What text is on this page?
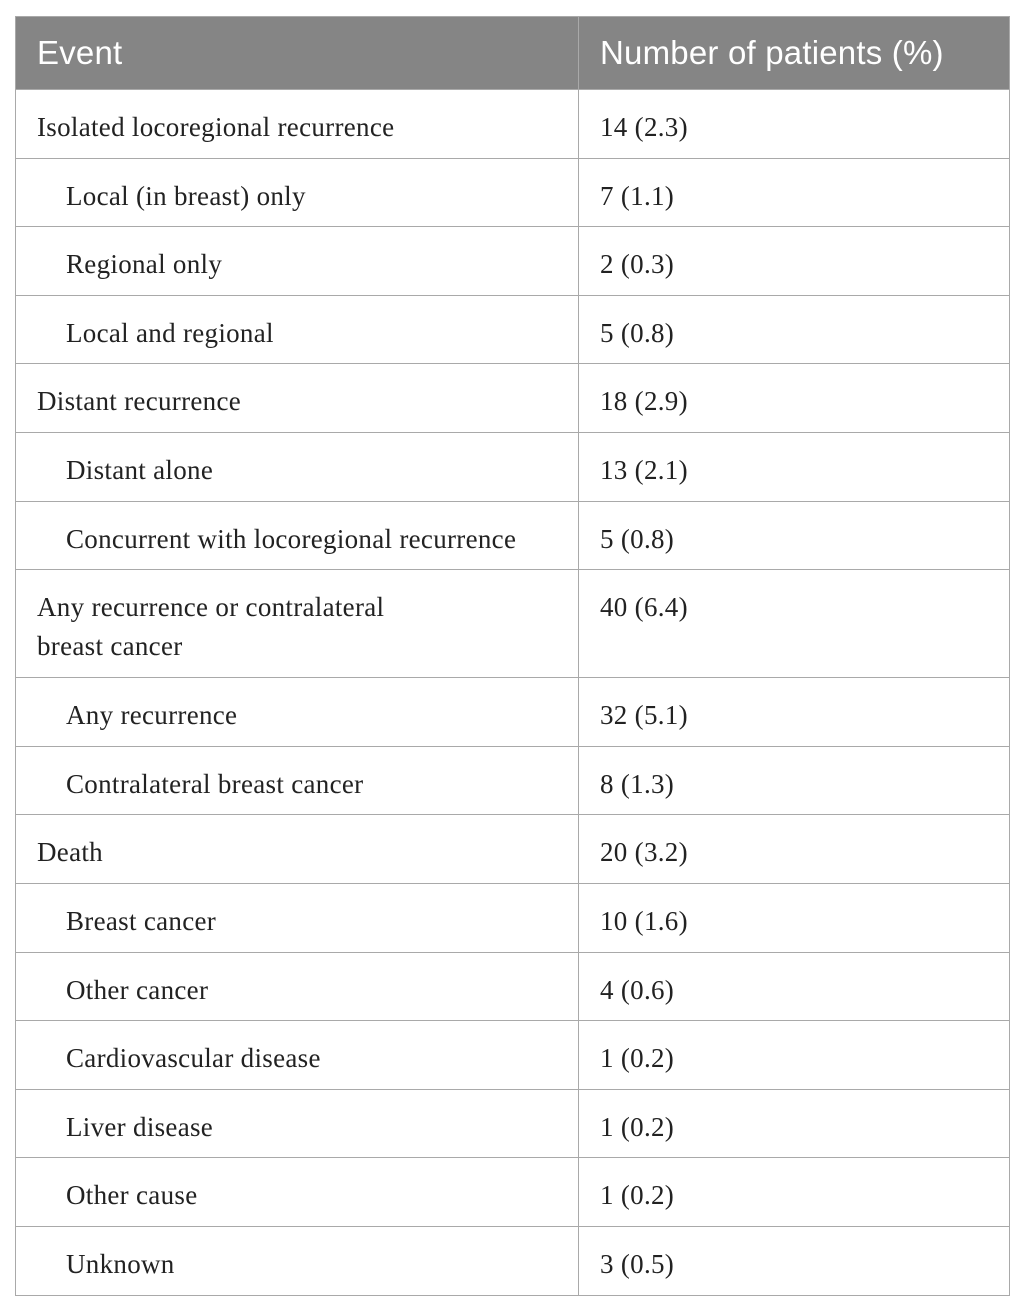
Event	Number of patients (%)
Isolated locoregional recurrence	14 (2.3)
Local (in breast) only	7 (1.1)
Regional only	2 (0.3)
Local and regional	5 (0.8)
Distant recurrence	18 (2.9)
Distant alone	13 (2.1)
Concurrent with locoregional recurrence	5 (0.8)
Any recurrence or contralateral
breast cancer	40 (6.4)
Any recurrence	32 (5.1)
Contralateral breast cancer	8 (1.3)
Death	20 (3.2)
Breast cancer	10 (1.6)
Other cancer	4 (0.6)
Cardiovascular disease	1 (0.2)
Liver disease	1 (0.2)
Other cause	1 (0.2)
Unknown	3 (0.5)
